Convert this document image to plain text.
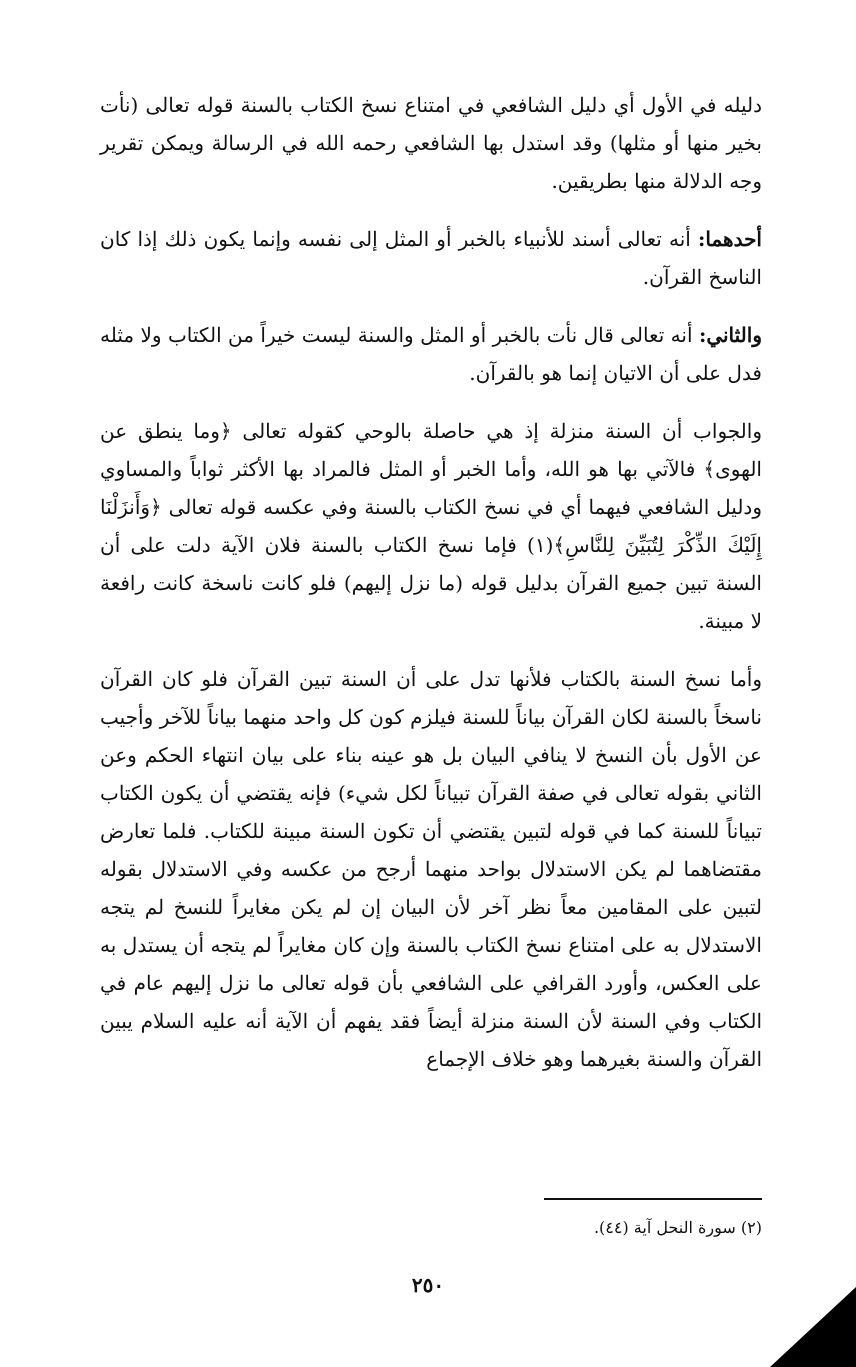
دليله في الأول أي دليل الشافعي في امتناع نسخ الكتاب بالسنة قوله تعالى (نأت بخير منها أو مثلها) وقد استدل بها الشافعي رحمه الله في الرسالة ويمكن تقرير وجه الدلالة منها بطريقين.

أحدهما: أنه تعالى أسند للأنبياء بالخبر أو المثل إلى نفسه وإنما يكون ذلك إذا كان الناسخ القرآن.

والثاني: أنه تعالى قال نأت بالخبر أو المثل والسنة ليست خيراً من الكتاب ولا مثله فدل على أن الاتيان إنما هو بالقرآن.

والجواب أن السنة منزلة إذ هي حاصلة بالوحي كقوله تعالى ﴿وما ينطق عن الهوى﴾ فالآتي بها هو الله، وأما الخبر أو المثل فالمراد بها الأكثر ثواباً والمساوي ودليل الشافعي فيهما أي في نسخ الكتاب بالسنة وفي عكسه قوله تعالى ﴿وَأَنزَلْنَا إِلَيْكَ الذِّكْرَ لِتُبَيِّنَ لِلنَّاسِ﴾(١) فإما نسخ الكتاب بالسنة فلان الآية دلت على أن السنة تبين جميع القرآن بدليل قوله (ما نزل إليهم) فلو كانت ناسخة كانت رافعة لا مبينة.

وأما نسخ السنة بالكتاب فلأنها تدل على أن السنة تبين القرآن فلو كان القرآن ناسخاً بالسنة لكان القرآن بياناً للسنة فيلزم كون كل واحد منهما بياناً للآخر وأجيب عن الأول بأن النسخ لا ينافي البيان بل هو عينه بناء على بيان انتهاء الحكم وعن الثاني بقوله تعالى في صفة القرآن تبياناً لكل شيء) فإنه يقتضي أن يكون الكتاب تبياناً للسنة كما في قوله لتبين يقتضي أن تكون السنة مبينة للكتاب. فلما تعارض مقتضاهما لم يكن الاستدلال بواحد منهما أرجح من عكسه وفي الاستدلال بقوله لتبين على المقامين معاً نظر آخر لأن البيان إن لم يكن مغايراً للنسخ لم يتجه الاستدلال به على امتناع نسخ الكتاب بالسنة وإن كان مغايراً لم يتجه أن يستدل به على العكس، وأورد القرافي على الشافعي بأن قوله تعالى ما نزل إليهم عام في الكتاب وفي السنة لأن السنة منزلة أيضاً فقد يفهم أن الآية أنه عليه السلام يبين القرآن والسنة بغيرهما وهو خلاف الإجماع

(٢) سورة النحل آية (٤٤).
٢٥٠
